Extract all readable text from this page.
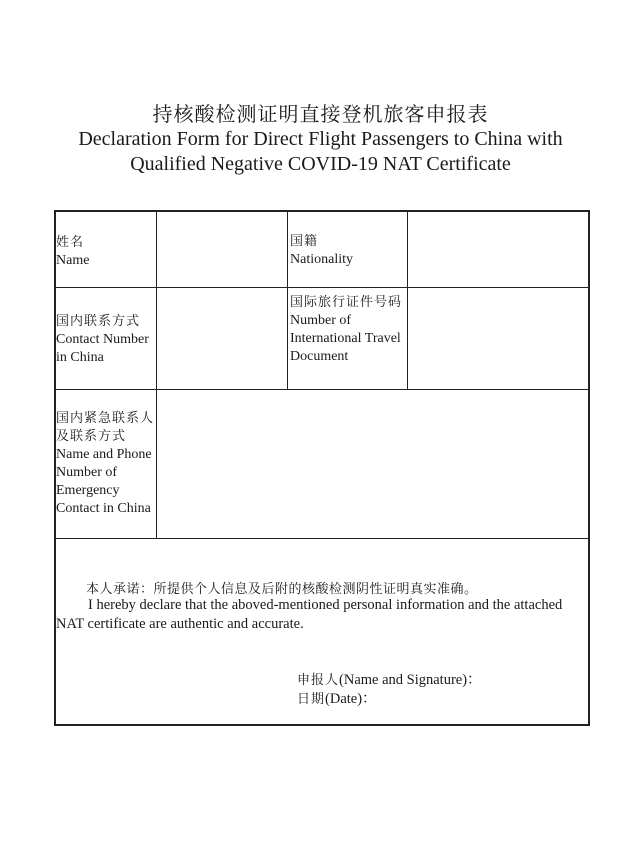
持核酸检测证明直接登机旅客申报表
Declaration Form for Direct Flight Passengers to China with
Qualified Negative COVID-19 NAT Certificate
姓名
Name
国籍
Nationality
国内联系方式
Contact Number in China
国际旅行证件号码
Number of International Travel Document
国内紧急联系人及联系方式
Name and Phone Number of Emergency Contact in China
本人承诺：所提供个人信息及后附的核酸检测阴性证明真实准确。
I hereby declare that the aboved-mentioned personal information and the attached NAT certificate are authentic and accurate.
申报人(Name and Signature)：
日期(Date)：
